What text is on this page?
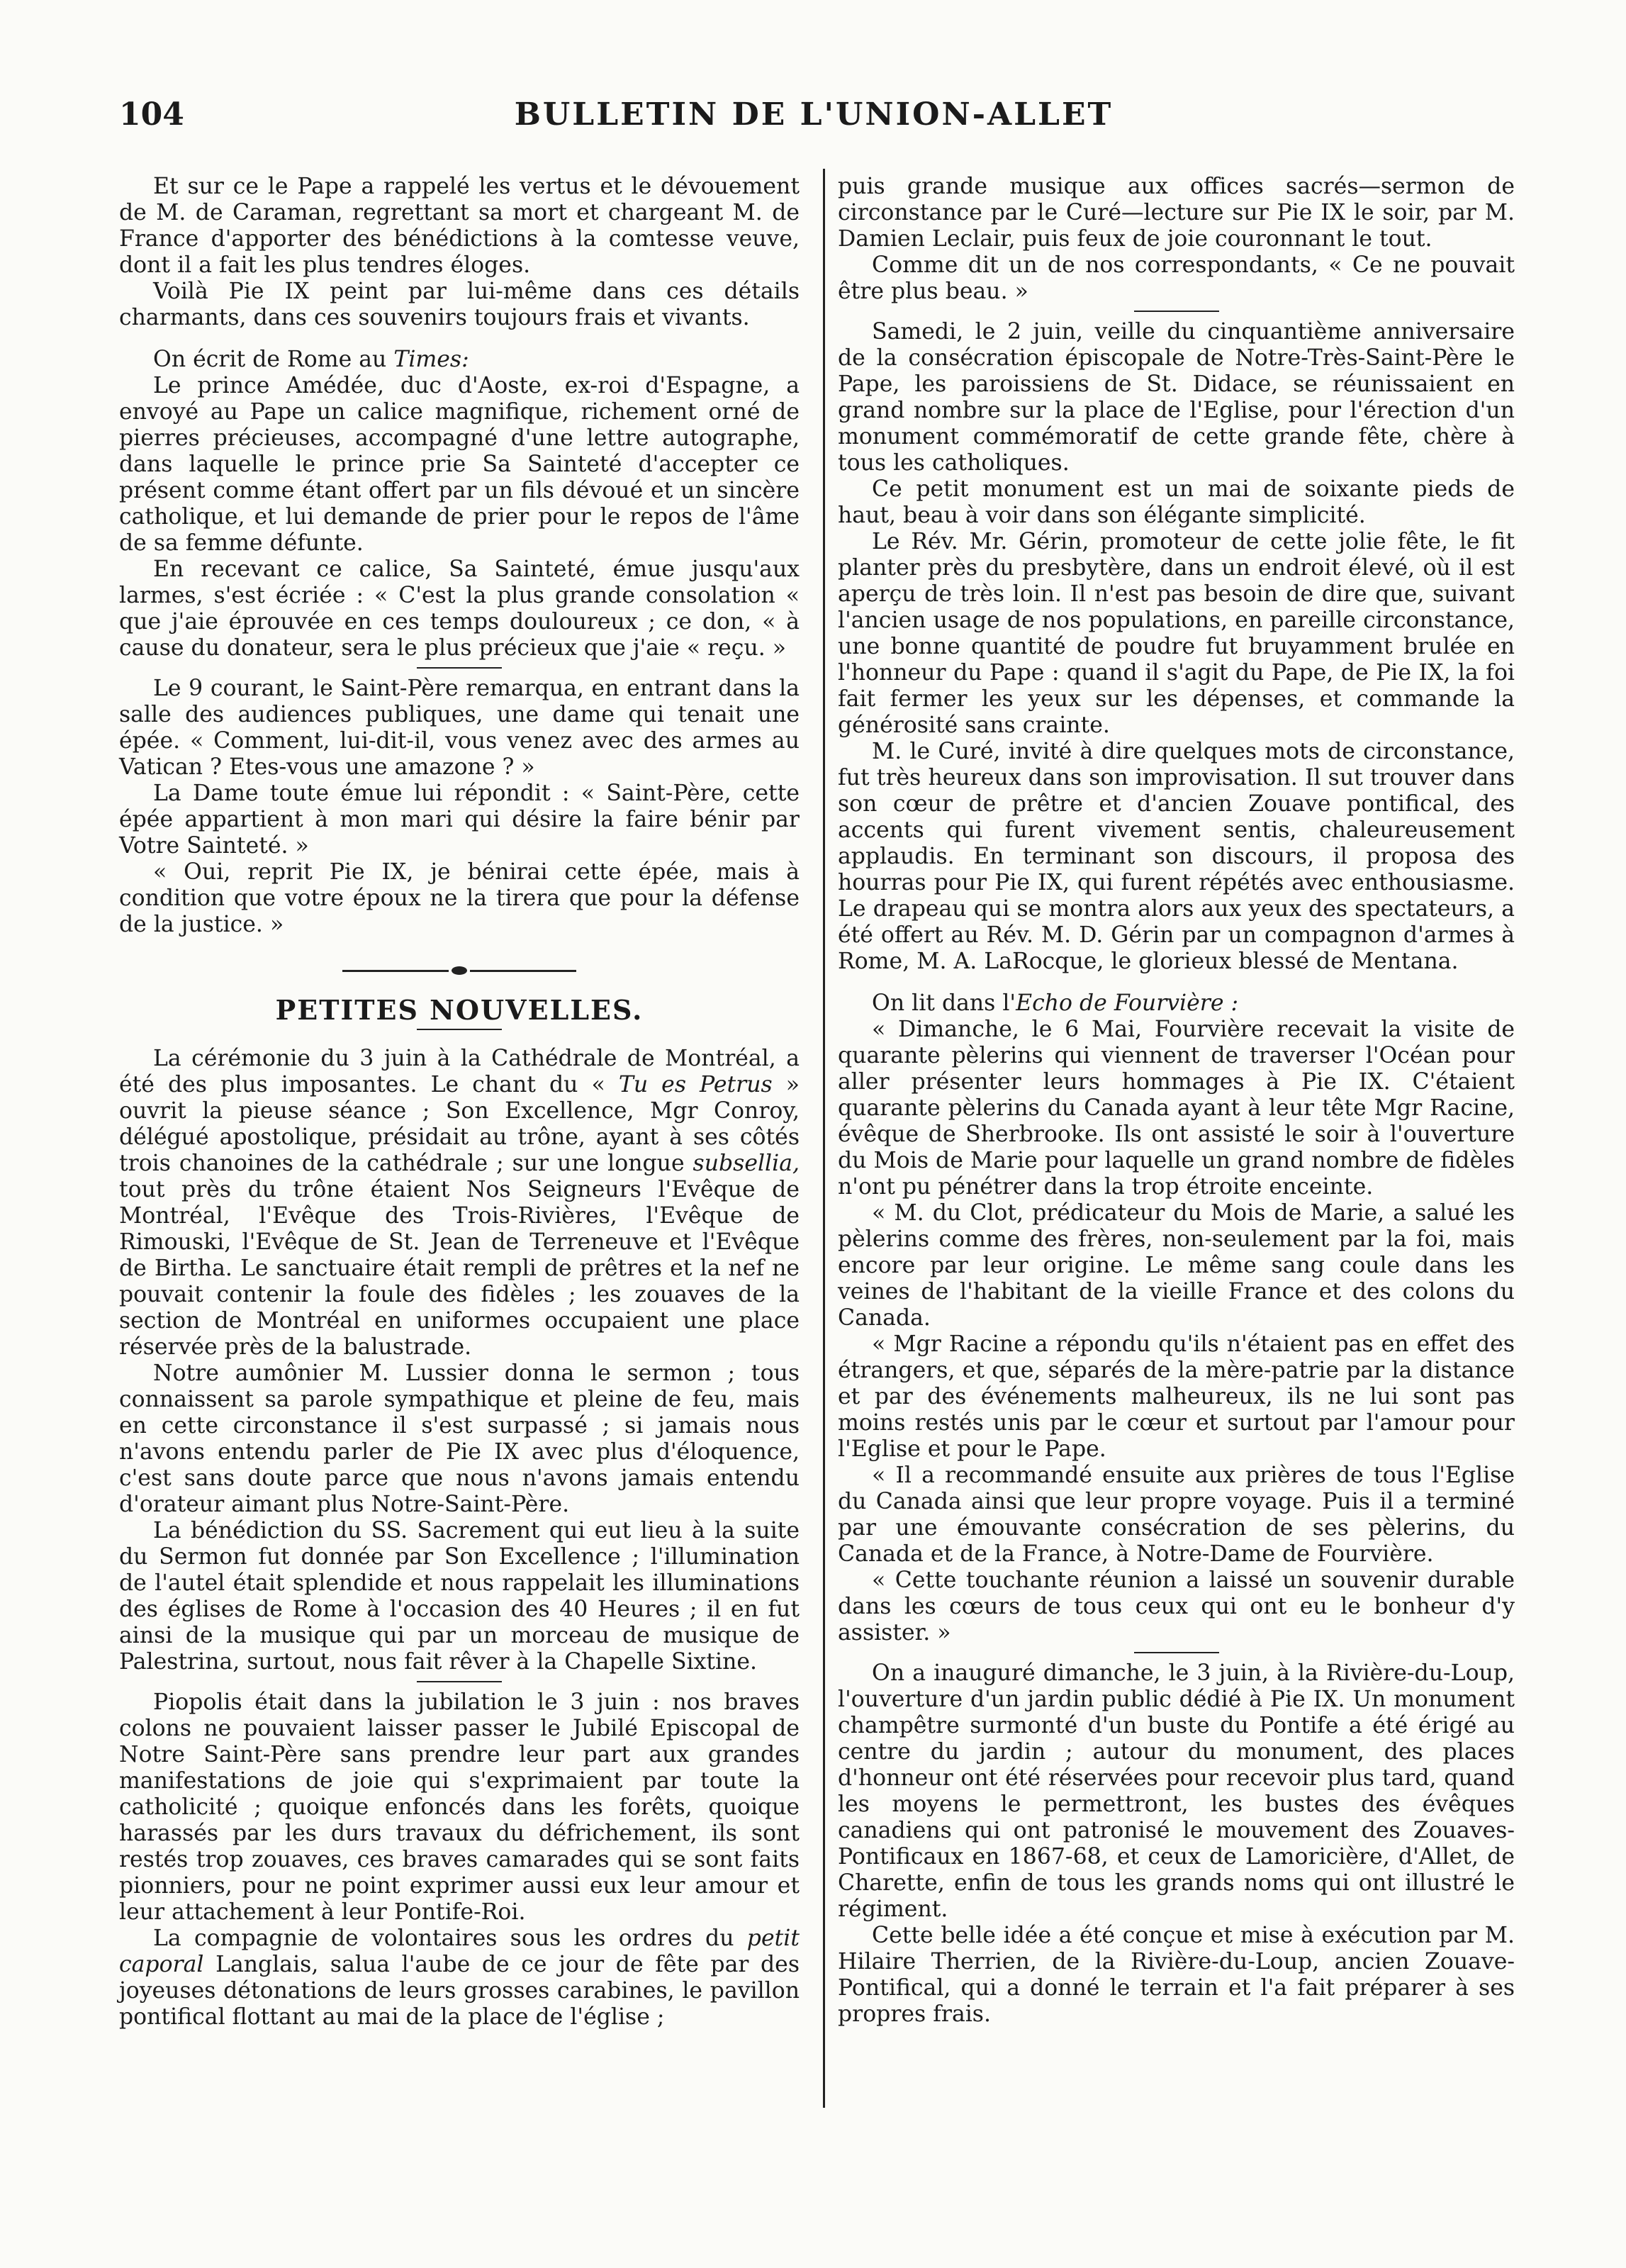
104	BULLETIN DE L'UNION-ALLET

Et sur ce le Pape a rappelé les vertus et le dévouement de M. de Caraman, regrettant sa mort et chargeant M. de France d'apporter des bénédictions à la comtesse veuve, dont il a fait les plus tendres éloges.

Voilà Pie IX peint par lui-même dans ces détails charmants, dans ces souvenirs toujours frais et vivants.

On écrit de Rome au Times:

Le prince Amédée, duc d'Aoste, ex-roi d'Espagne, a envoyé au Pape un calice magnifique, richement orné de pierres précieuses, accompagné d'une lettre autographe, dans laquelle le prince prie Sa Sainteté d'accepter ce présent comme étant offert par un fils dévoué et un sincère catholique, et lui demande de prier pour le repos de l'âme de sa femme défunte.

En recevant ce calice, Sa Sainteté, émue jusqu'aux larmes, s'est écriée : « C'est la plus grande consolation « que j'aie éprouvée en ces temps douloureux ; ce don, « à cause du donateur, sera le plus précieux que j'aie « reçu. »

Le 9 courant, le Saint-Père remarqua, en entrant dans la salle des audiences publiques, une dame qui tenait une épée. « Comment, lui-dit-il, vous venez avec des armes au Vatican ? Etes-vous une amazone ? »

La Dame toute émue lui répondit : « Saint-Père, cette épée appartient à mon mari qui désire la faire bénir par Votre Sainteté. »

« Oui, reprit Pie IX, je bénirai cette épée, mais à condition que votre époux ne la tirera que pour la défense de la justice. »

PETITES NOUVELLES.

La cérémonie du 3 juin à la Cathédrale de Montréal, a été des plus imposantes. Le chant du « Tu es Petrus » ouvrit la pieuse séance ; Son Excellence, Mgr Conroy, délégué apostolique, présidait au trône, ayant à ses côtés trois chanoines de la cathédrale ; sur une longue subsellia, tout près du trône étaient Nos Seigneurs l'Evêque de Montréal, l'Evêque des Trois-Rivières, l'Evêque de Rimouski, l'Evêque de St. Jean de Terreneuve et l'Evêque de Birtha. Le sanctuaire était rempli de prêtres et la nef ne pouvait contenir la foule des fidèles ; les zouaves de la section de Montréal en uniformes occupaient une place réservée près de la balustrade.

Notre aumônier M. Lussier donna le sermon ; tous connaissent sa parole sympathique et pleine de feu, mais en cette circonstance il s'est surpassé ; si jamais nous n'avons entendu parler de Pie IX avec plus d'éloquence, c'est sans doute parce que nous n'avons jamais entendu d'orateur aimant plus Notre-Saint-Père.

La bénédiction du SS. Sacrement qui eut lieu à la suite du Sermon fut donnée par Son Excellence ; l'illumination de l'autel était splendide et nous rappelait les illuminations des églises de Rome à l'occasion des 40 Heures ; il en fut ainsi de la musique qui par un morceau de musique de Palestrina, surtout, nous fait rêver à la Chapelle Sixtine.

Piopolis était dans la jubilation le 3 juin : nos braves colons ne pouvaient laisser passer le Jubilé Episcopal de Notre Saint-Père sans prendre leur part aux grandes manifestations de joie qui s'exprimaient par toute la catholicité ; quoique enfoncés dans les forêts, quoique harassés par les durs travaux du défrichement, ils sont restés trop zouaves, ces braves camarades qui se sont faits pionniers, pour ne point exprimer aussi eux leur amour et leur attachement à leur Pontife-Roi.

La compagnie de volontaires sous les ordres du petit caporal Langlais, salua l'aube de ce jour de fête par des joyeuses détonations de leurs grosses carabines, le pavillon pontifical flottant au mai de la place de l'église ;

puis grande musique aux offices sacrés—sermon de circonstance par le Curé—lecture sur Pie IX le soir, par M. Damien Leclair, puis feux de joie couronnant le tout.

Comme dit un de nos correspondants, « Ce ne pouvait être plus beau. »

Samedi, le 2 juin, veille du cinquantième anniversaire de la consécration épiscopale de Notre-Très-Saint-Père le Pape, les paroissiens de St. Didace, se réunissaient en grand nombre sur la place de l'Eglise, pour l'érection d'un monument commémoratif de cette grande fête, chère à tous les catholiques.

Ce petit monument est un mai de soixante pieds de haut, beau à voir dans son élégante simplicité.

Le Rév. Mr. Gérin, promoteur de cette jolie fête, le fit planter près du presbytère, dans un endroit élevé, où il est aperçu de très loin. Il n'est pas besoin de dire que, suivant l'ancien usage de nos populations, en pareille circonstance, une bonne quantité de poudre fut bruyamment brulée en l'honneur du Pape : quand il s'agit du Pape, de Pie IX, la foi fait fermer les yeux sur les dépenses, et commande la générosité sans crainte.

M. le Curé, invité à dire quelques mots de circonstance, fut très heureux dans son improvisation. Il sut trouver dans son cœur de prêtre et d'ancien Zouave pontifical, des accents qui furent vivement sentis, chaleureusement applaudis. En terminant son discours, il proposa des hourras pour Pie IX, qui furent répétés avec enthousiasme. Le drapeau qui se montra alors aux yeux des spectateurs, a été offert au Rév. M. D. Gérin par un compagnon d'armes à Rome, M. A. LaRocque, le glorieux blessé de Mentana.

On lit dans l'Echo de Fourvière :

« Dimanche, le 6 Mai, Fourvière recevait la visite de quarante pèlerins qui viennent de traverser l'Océan pour aller présenter leurs hommages à Pie IX. C'étaient quarante pèlerins du Canada ayant à leur tête Mgr Racine, évêque de Sherbrooke. Ils ont assisté le soir à l'ouverture du Mois de Marie pour laquelle un grand nombre de fidèles n'ont pu pénétrer dans la trop étroite enceinte.

« M. du Clot, prédicateur du Mois de Marie, a salué les pèlerins comme des frères, non-seulement par la foi, mais encore par leur origine. Le même sang coule dans les veines de l'habitant de la vieille France et des colons du Canada.

« Mgr Racine a répondu qu'ils n'étaient pas en effet des étrangers, et que, séparés de la mère-patrie par la distance et par des événements malheureux, ils ne lui sont pas moins restés unis par le cœur et surtout par l'amour pour l'Eglise et pour le Pape.

« Il a recommandé ensuite aux prières de tous l'Eglise du Canada ainsi que leur propre voyage. Puis il a terminé par une émouvante consécration de ses pèlerins, du Canada et de la France, à Notre-Dame de Fourvière.

« Cette touchante réunion a laissé un souvenir durable dans les cœurs de tous ceux qui ont eu le bonheur d'y assister. »

On a inauguré dimanche, le 3 juin, à la Rivière-du-Loup, l'ouverture d'un jardin public dédié à Pie IX. Un monument champêtre surmonté d'un buste du Pontife a été érigé au centre du jardin ; autour du monument, des places d'honneur ont été réservées pour recevoir plus tard, quand les moyens le permettront, les bustes des évêques canadiens qui ont patronisé le mouvement des Zouaves-Pontificaux en 1867-68, et ceux de Lamoricière, d'Allet, de Charette, enfin de tous les grands noms qui ont illustré le régiment.

Cette belle idée a été conçue et mise à exécution par M. Hilaire Therrien, de la Rivière-du-Loup, ancien Zouave-Pontifical, qui a donné le terrain et l'a fait préparer à ses propres frais.
